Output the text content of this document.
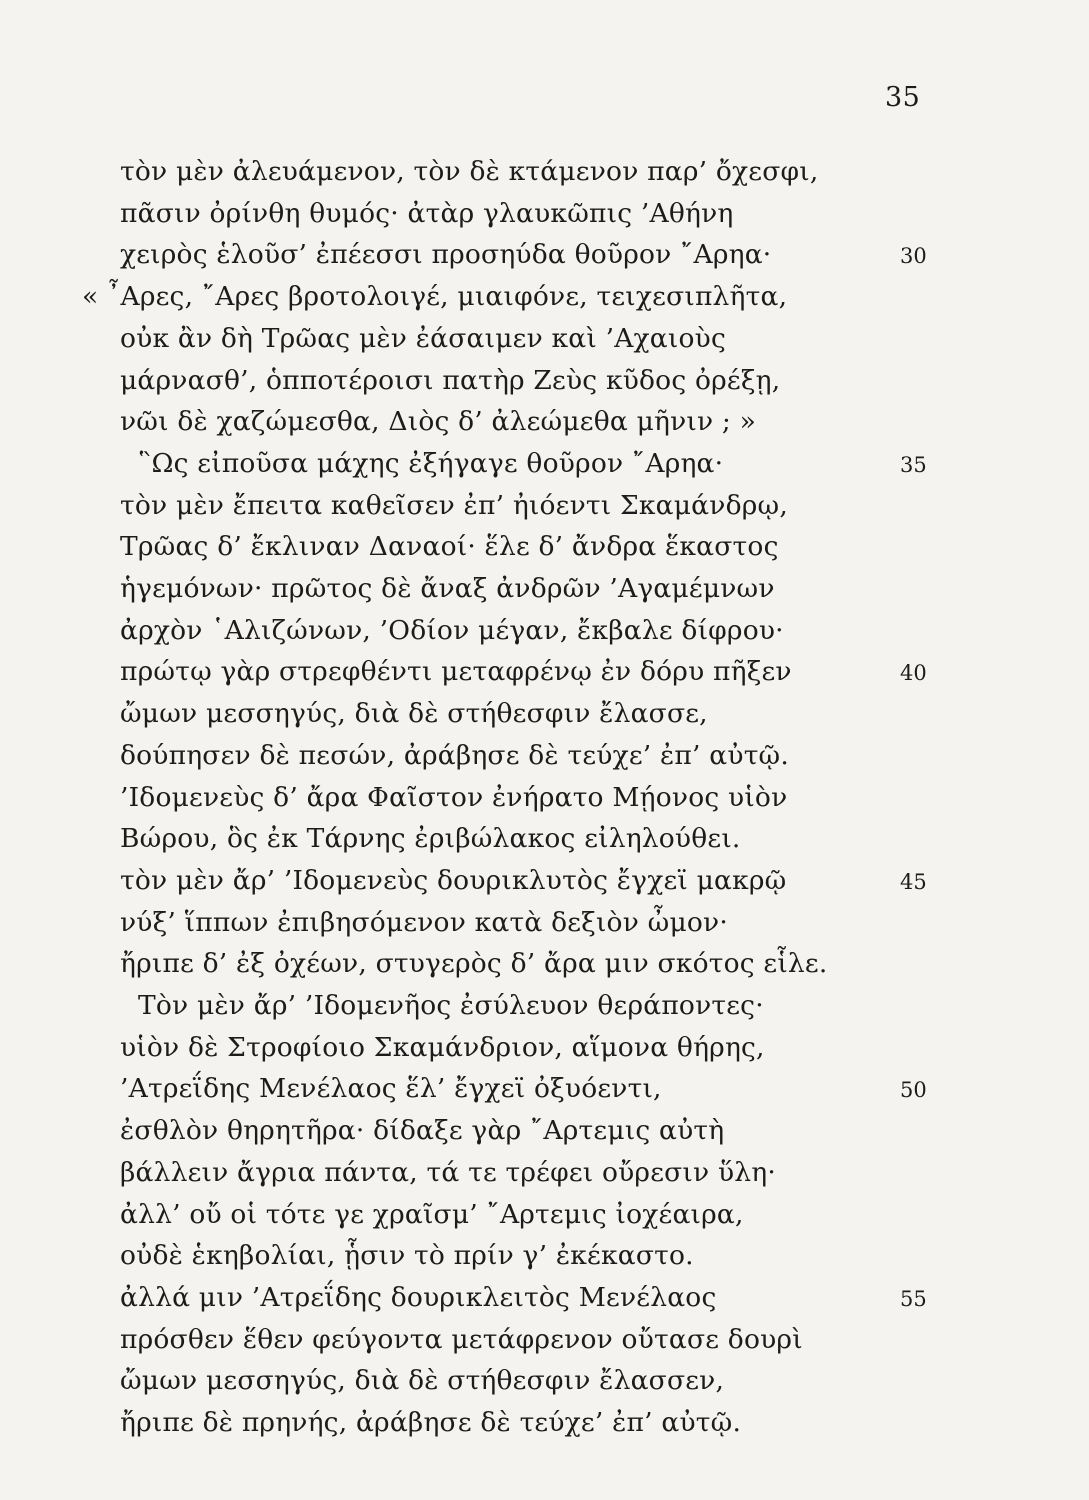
35
τὸν μὲν ἀλευάμενον, τὸν δὲ κτάμενον παρ’ ὄχεσφι,
πᾶσιν ὀρίνθη θυμός· ἀτὰρ γλαυκῶπις ’Αθήνη
χειρὸς ἑλοῦσ’ ἐπέεσσι προσηύδα θοῦρον ῎Αρηα·	30
« ῏Αρες, ῎Αρες βροτολοιγέ, μιαιφόνε, τειχεσιπλῆτα,
οὐκ ἂν δὴ Τρῶας μὲν ἐάσαιμεν καὶ ’Αχαιοὺς
μάρνασθ’, ὁπποτέροισι πατὴρ Ζεὺς κῦδος ὀρέξῃ,
νῶι δὲ χαζώμεσθα, Διὸς δ’ ἀλεώμεθα μῆνιν ; »
῝Ως εἰποῦσα μάχης ἐξήγαγε θοῦρον ῎Αρηα·	35
τὸν μὲν ἔπειτα καθεῖσεν ἐπ’ ἠιόεντι Σκαμάνδρῳ,
Τρῶας δ’ ἔκλιναν Δαναοί· ἕλε δ’ ἄνδρα ἕκαστος
ἡγεμόνων· πρῶτος δὲ ἄναξ ἀνδρῶν ’Αγαμέμνων
ἀρχὸν ῾Αλιζώνων, ’Οδίον μέγαν, ἔκβαλε δίφρου·
πρώτῳ γὰρ στρεφθέντι μεταφρένῳ ἐν δόρυ πῆξεν	40
ὤμων μεσσηγύς, διὰ δὲ στήθεσφιν ἔλασσε,
δούπησεν δὲ πεσών, ἀράβησε δὲ τεύχε’ ἐπ’ αὐτῷ.
’Ιδομενεὺς δ’ ἄρα Φαῖστον ἐνήρατο Μῄονος υἱὸν
Βώρου, ὃς ἐκ Τάρνης ἐριβώλακος εἰληλούθει.
τὸν μὲν ἄρ’ ’Ιδομενεὺς δουρικλυτὸς ἔγχεϊ μακρῷ	45
νύξ’ ἵππων ἐπιβησόμενον κατὰ δεξιὸν ὦμον·
ἤριπε δ’ ἐξ ὀχέων, στυγερὸς δ’ ἄρα μιν σκότος εἷλε.
Τὸν μὲν ἄρ’ ’Ιδομενῆος ἐσύλευον θεράποντες·
υἱὸν δὲ Στροφίοιο Σκαμάνδριον, αἵμονα θήρης,
’Ατρεΐδης Μενέλαος ἕλ’ ἔγχεϊ ὀξυόεντι,	50
ἐσθλὸν θηρητῆρα· δίδαξε γὰρ ῎Αρτεμις αὐτὴ
βάλλειν ἄγρια πάντα, τά τε τρέφει οὔρεσιν ὕλη·
ἀλλ’ οὔ οἱ τότε γε χραῖσμ’ ῎Αρτεμις ἰοχέαιρα,
οὐδὲ ἑκηβολίαι, ᾗσιν τὸ πρίν γ’ ἐκέκαστο.
ἀλλά μιν ’Ατρεΐδης δουρικλειτὸς Μενέλαος	55
πρόσθεν ἕθεν φεύγοντα μετάφρενον οὔτασε δουρὶ
ὤμων μεσσηγύς, διὰ δὲ στήθεσφιν ἔλασσεν,
ἤριπε δὲ πρηνής, ἀράβησε δὲ τεύχε’ ἐπ’ αὐτῷ.
